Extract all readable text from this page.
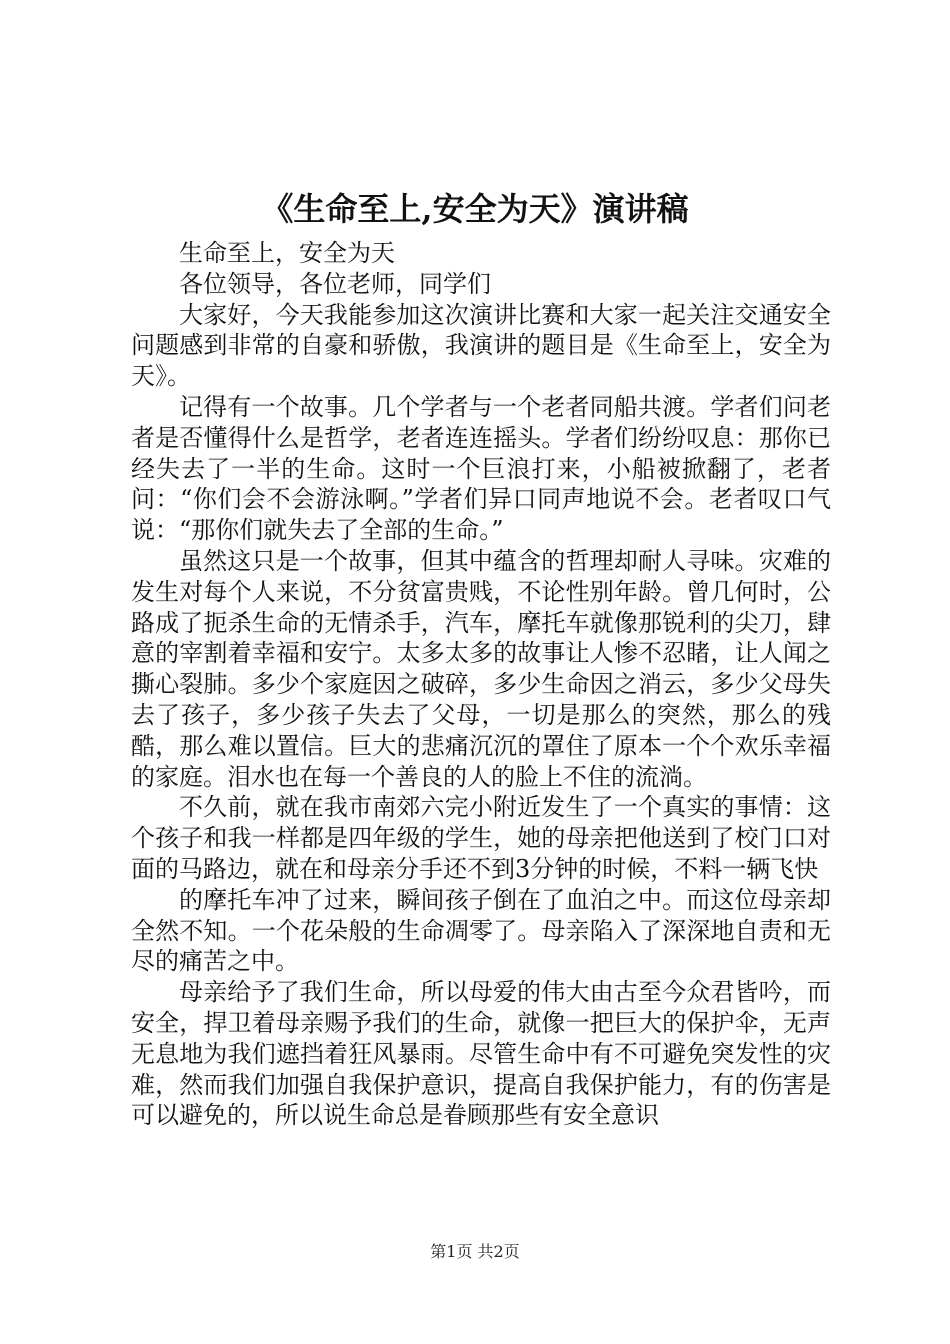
《生命至上,安全为天》演讲稿

生命至上，安全为天

各位领导，各位老师，同学们

大家好，今天我能参加这次演讲比赛和大家一起关注交通安全问题感到非常的自豪和骄傲，我演讲的题目是《生命至上，安全为天》。

记得有一个故事。几个学者与一个老者同船共渡。学者们问老者是否懂得什么是哲学，老者连连摇头。学者们纷纷叹息：那你已经失去了一半的生命。这时一个巨浪打来，小船被掀翻了，老者问：“你们会不会游泳啊。”学者们异口同声地说不会。老者叹口气说：“那你们就失去了全部的生命。”

虽然这只是一个故事，但其中蕴含的哲理却耐人寻味。灾难的发生对每个人来说，不分贫富贵贱，不论性别年龄。曾几何时，公路成了扼杀生命的无情杀手，汽车，摩托车就像那锐利的尖刀，肆意的宰割着幸福和安宁。太多太多的故事让人惨不忍睹，让人闻之撕心裂肺。多少个家庭因之破碎，多少生命因之消云，多少父母失去了孩子，多少孩子失去了父母，一切是那么的突然，那么的残酷，那么难以置信。巨大的悲痛沉沉的罩住了原本一个个欢乐幸福的家庭。泪水也在每一个善良的人的脸上不住的流淌。

不久前，就在我市南郊六完小附近发生了一个真实的事情：这个孩子和我一样都是四年级的学生，她的母亲把他送到了校门口对面的马路边，就在和母亲分手还不到3分钟的时候，不料一辆飞快

的摩托车冲了过来，瞬间孩子倒在了血泊之中。而这位母亲却全然不知。一个花朵般的生命凋零了。母亲陷入了深深地自责和无尽的痛苦之中。

母亲给予了我们生命，所以母爱的伟大由古至今众君皆吟，而安全，捍卫着母亲赐予我们的生命，就像一把巨大的保护伞，无声无息地为我们遮挡着狂风暴雨。尽管生命中有不可避免突发性的灾难，然而我们加强自我保护意识，提高自我保护能力，有的伤害是可以避免的，所以说生命总是眷顾那些有安全意识

第1页 共2页
